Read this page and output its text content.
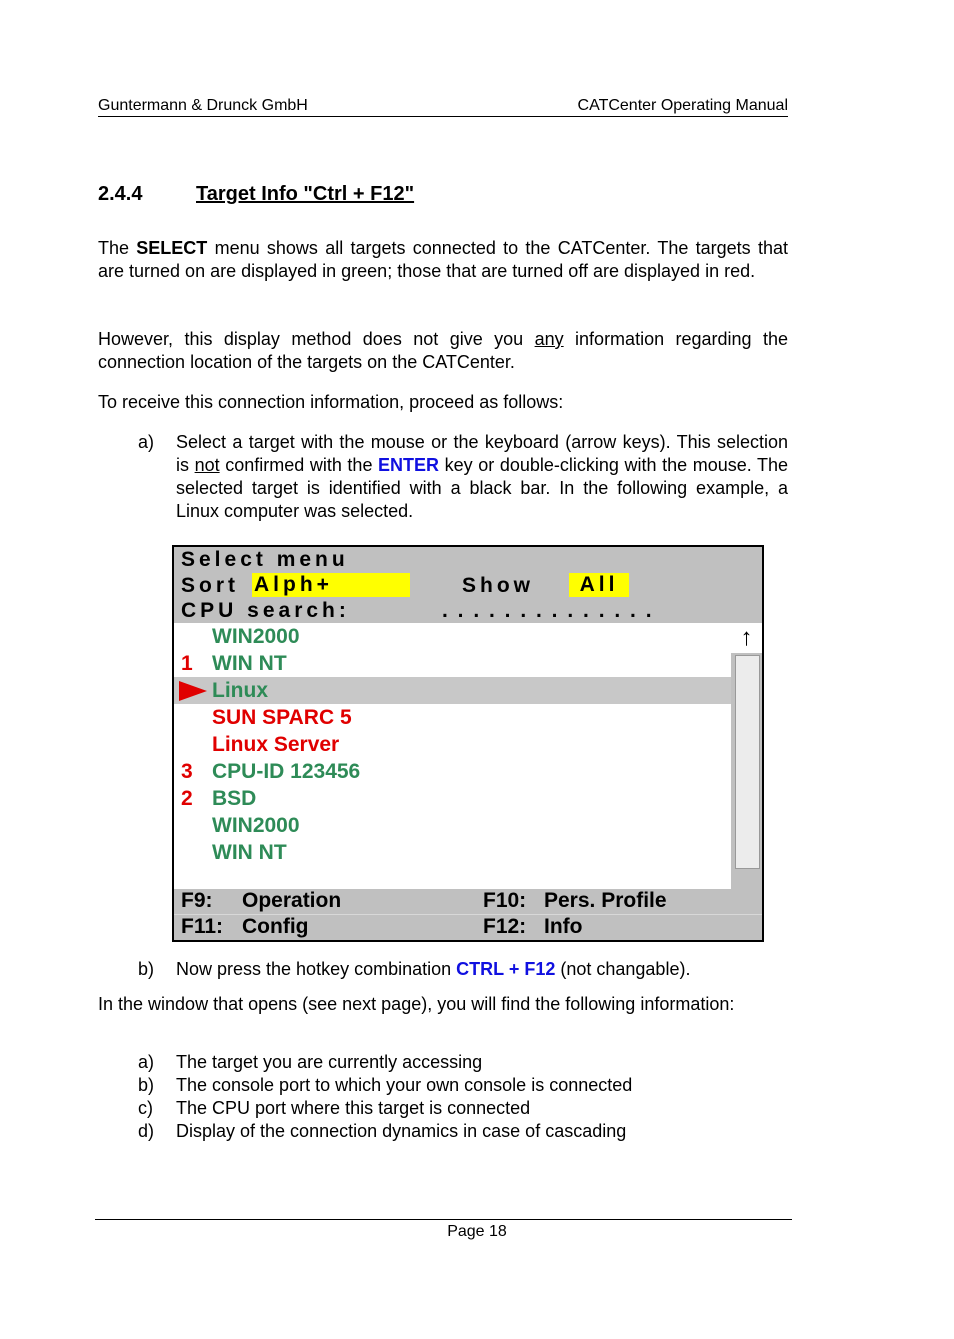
Guntermann & Drunck GmbH	CATCenter Operating Manual
2.4.4	Target Info "Ctrl + F12"
The SELECT menu shows all targets connected to the CATCenter. The targets that are turned on are displayed in green; those that are turned off are displayed in red.
However, this display method does not give you any information regarding the connection location of the targets on the CATCenter.
To receive this connection information, proceed as follows:
a) Select a target with the mouse or the keyboard (arrow keys). This selection is not confirmed with the ENTER key or double-clicking with the mouse. The selected target is identified with a black bar. In the following example, a Linux computer was selected.
Select menu
Sort Alph+	Show	All
CPU search:	. . . . . . . . . . . . . .
WIN2000
1 WIN NT
Linux
SUN SPARC 5
Linux Server
3 CPU-ID 123456
2 BSD
WIN2000
WIN NT
↑
F9: Operation	F10: Pers. Profile
F11: Config	F12: Info
b) Now press the hotkey combination CTRL + F12 (not changable).
In the window that opens (see next page), you will find the following information:
a) The target you are currently accessing
b) The console port to which your own console is connected
c) The CPU port where this target is connected
d) Display of the connection dynamics in case of cascading
Page 18
